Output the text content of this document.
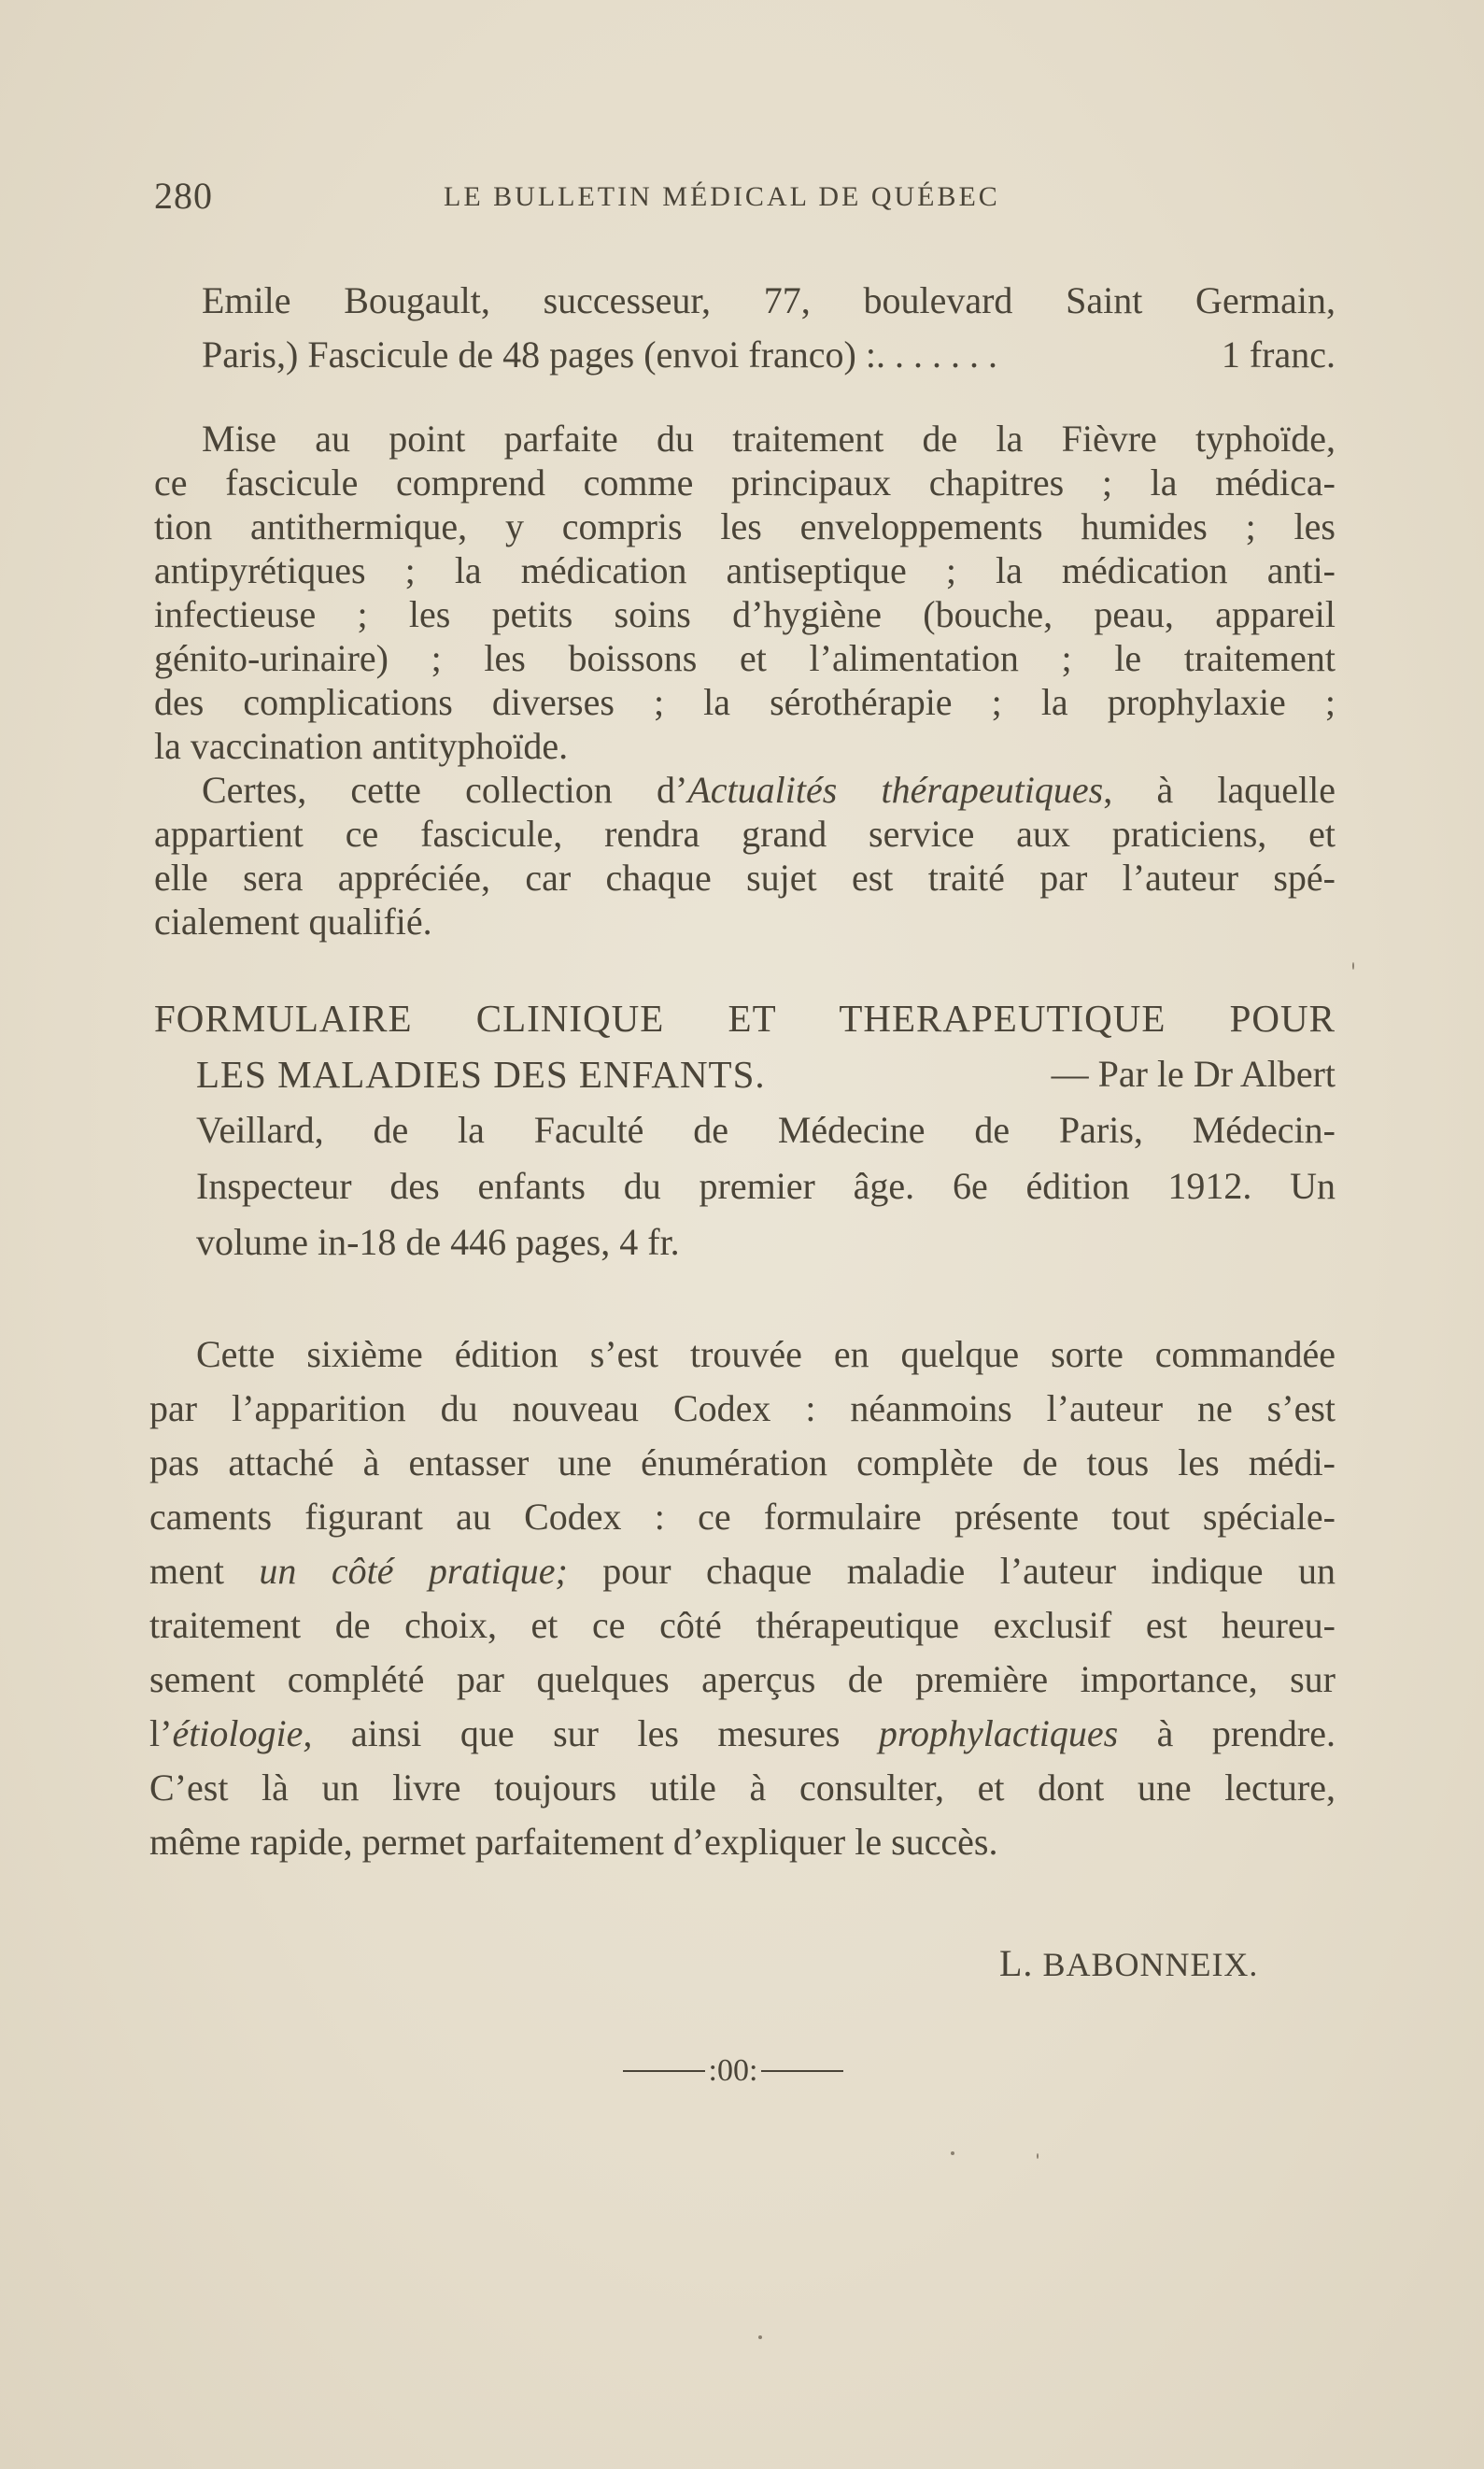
280	LE BULLETIN MÉDICAL DE QUÉBEC
Emile Bougault, successeur, 77, boulevard Saint Germain,
Paris,) Fascicule de 48 pages (envoi franco) :. . . . . . .	1 franc.
Mise au point parfaite du traitement de la Fièvre typhoïde,
ce fascicule comprend comme principaux chapitres ; la médica-
tion antithermique, y compris les enveloppements humides ; les
antipyrétiques ; la médication antiseptique ; la médication anti-
infectieuse ; les petits soins d’hygiène (bouche, peau, appareil
génito-urinaire) ; les boissons et l’alimentation ; le traitement
des complications diverses ; la sérothérapie ; la prophylaxie ;
la vaccination antityphoïde.
Certes, cette collection d’Actualités thérapeutiques, à laquelle
appartient ce fascicule, rendra grand service aux praticiens, et
elle sera appréciée, car chaque sujet est traité par l’auteur spé-
cialement qualifié.
FORMULAIRE CLINIQUE ET THERAPEUTIQUE POUR
LES MALADIES DES ENFANTS.	— Par le Dr Albert
Veillard, de la Faculté de Médecine de Paris, Médecin-
Inspecteur des enfants du premier âge. 6e édition 1912. Un
volume in-18 de 446 pages, 4 fr.
Cette sixième édition s’est trouvée en quelque sorte commandée
par l’apparition du nouveau Codex : néanmoins l’auteur ne s’est
pas attaché à entasser une énumération complète de tous les médi-
caments figurant au Codex : ce formulaire présente tout spéciale-
ment un côté pratique; pour chaque maladie l’auteur indique un
traitement de choix, et ce côté thérapeutique exclusif est heureu-
sement complété par quelques aperçus de première importance, sur
l’étiologie, ainsi que sur les mesures prophylactiques à prendre.
C’est là un livre toujours utile à consulter, et dont une lecture,
même rapide, permet parfaitement d’expliquer le succès.
L. BABONNEIX.
:00:
